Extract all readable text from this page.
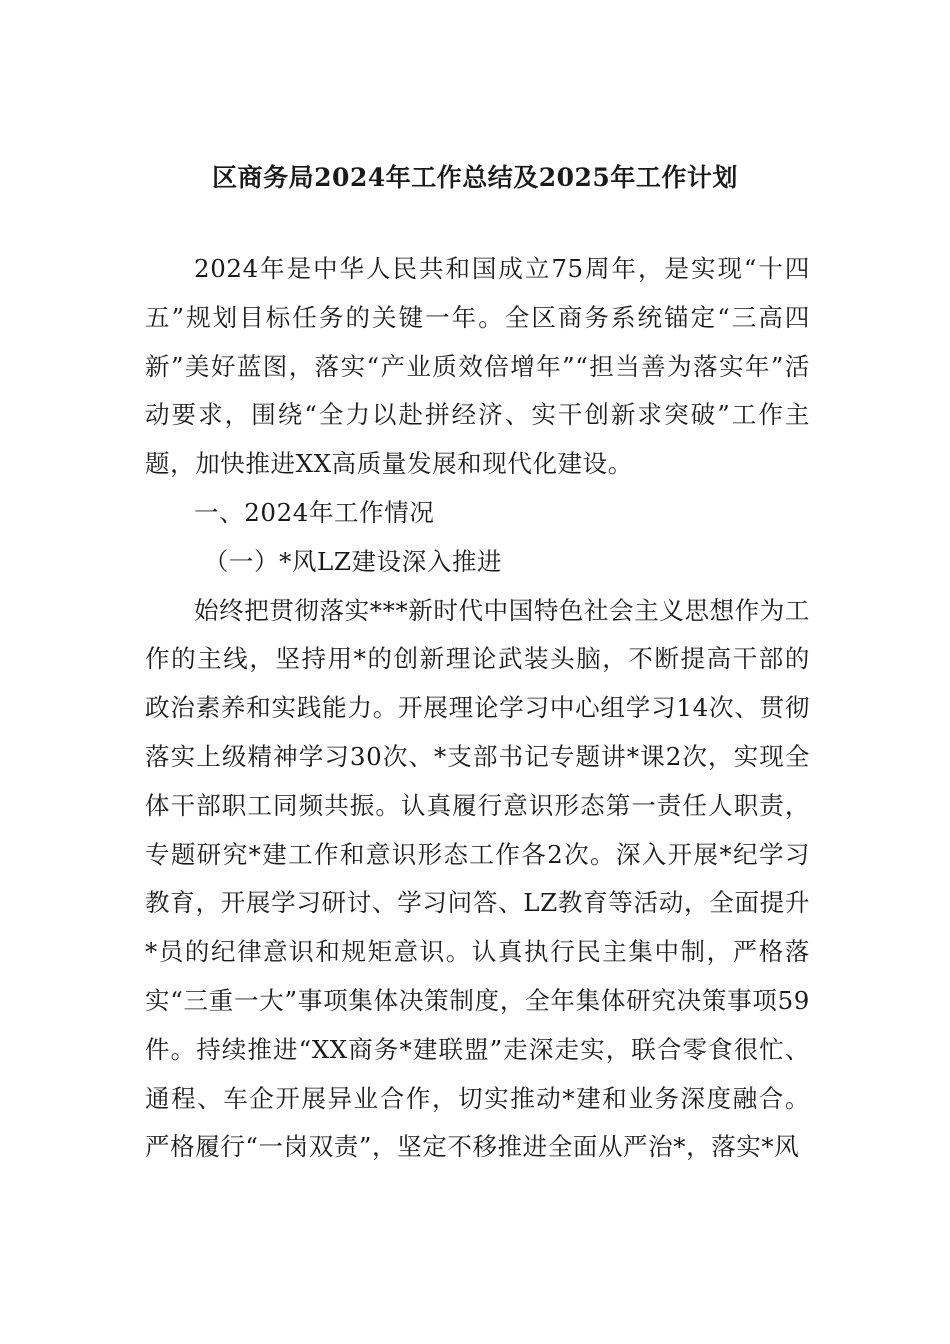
区商务局2024年工作总结及2025年工作计划

2024年是中华人民共和国成立75周年，是实现“十四五”规划目标任务的关键一年。全区商务系统锚定“三高四新”美好蓝图，落实“产业质效倍增年”“担当善为落实年”活动要求，围绕“全力以赴拼经济、实干创新求突破”工作主题，加快推进XX高质量发展和现代化建设。

一、2024年工作情况

（一）*风LZ建设深入推进

始终把贯彻落实***新时代中国特色社会主义思想作为工作的主线，坚持用*的创新理论武装头脑，不断提高干部的政治素养和实践能力。开展理论学习中心组学习14次、贯彻落实上级精神学习30次、*支部书记专题讲*课2次，实现全体干部职工同频共振。认真履行意识形态第一责任人职责，专题研究*建工作和意识形态工作各2次。深入开展*纪学习教育，开展学习研讨、学习问答、LZ教育等活动，全面提升*员的纪律意识和规矩意识。认真执行民主集中制，严格落实“三重一大”事项集体决策制度，全年集体研究决策事项59件。持续推进“XX商务*建联盟”走深走实，联合零食很忙、通程、车企开展异业合作，切实推动*建和业务深度融合。严格履行“一岗双责”，坚定不移推进全面从严治*，落实*风
